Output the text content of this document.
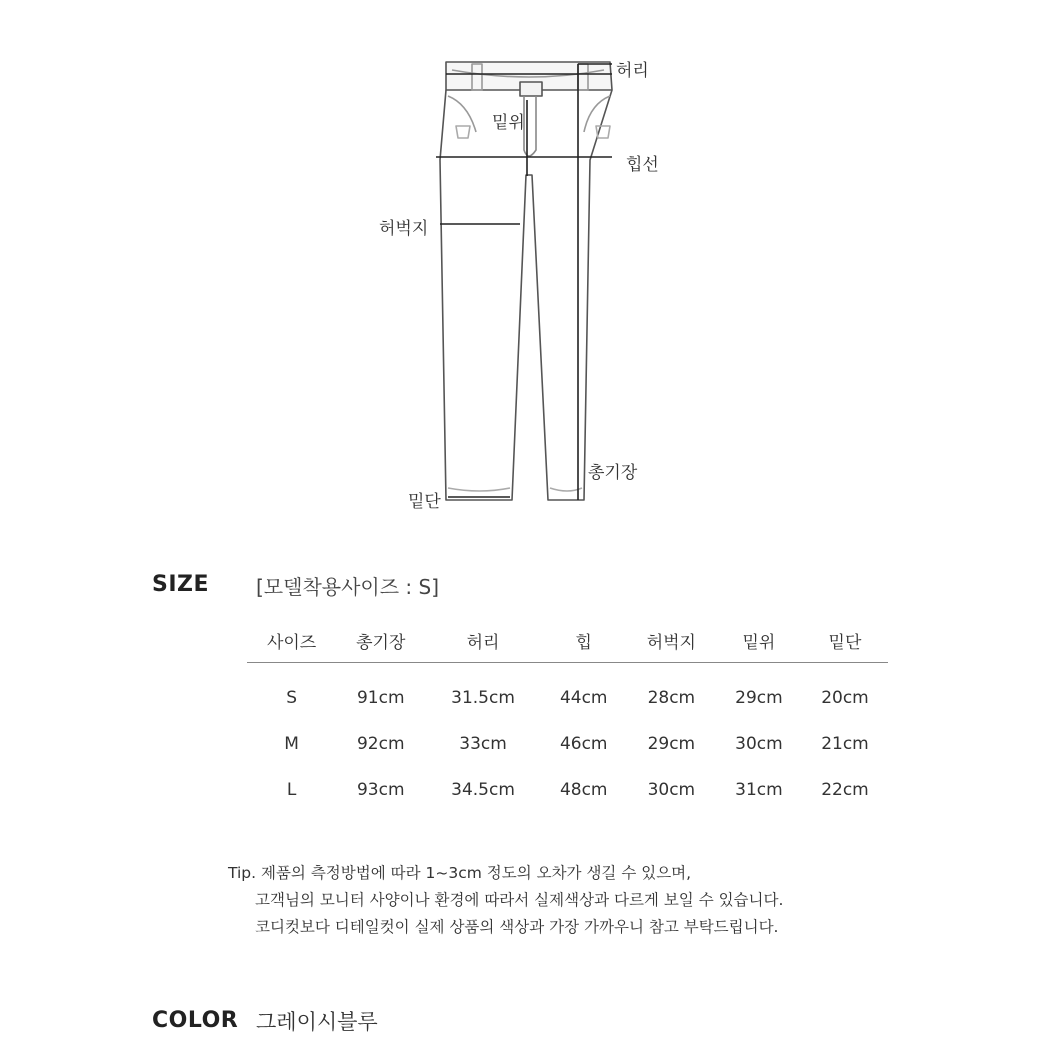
허리
밑위
힙선
허벅지
총기장
밑단
SIZE [모델착용사이즈 : S]
사이즈	총기장	허리	힙	허벅지	밑위	밑단
S	91cm	31.5cm	44cm	28cm	29cm	20cm
M	92cm	33cm	46cm	29cm	30cm	21cm
L	93cm	34.5cm	48cm	30cm	31cm	22cm
Tip. 제품의 측정방법에 따라 1~3cm 정도의 오차가 생길 수 있으며,
고객님의 모니터 사양이나 환경에 따라서 실제색상과 다르게 보일 수 있습니다.
코디컷보다 디테일컷이 실제 상품의 색상과 가장 가까우니 참고 부탁드립니다.
COLOR 그레이시블루
